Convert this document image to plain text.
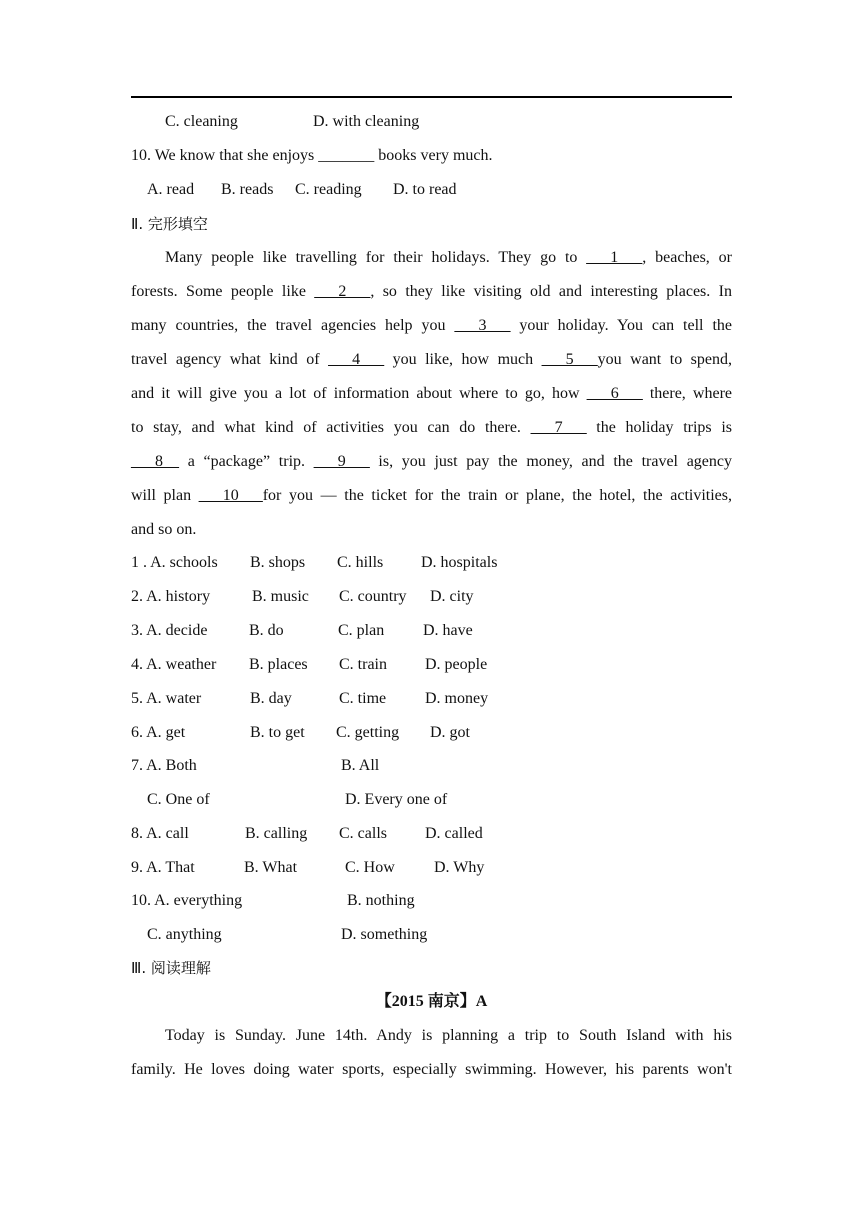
C. cleaning	D. with cleaning
10. We know that she enjoys _______ books very much.
A. read B. reads C. reading D. to read
Ⅱ. 完形填空
Many people like travelling for their holidays. They go to ___1___, beaches, or
forests. Some people like ___2___, so they like visiting old and interesting places. In
many countries, the travel agencies help you ___3___ your holiday. You can tell the
travel agency what kind of ___4___ you like, how much ___5___you want to spend,
and it will give you a lot of information about where to go, how ___6___ there, where
to stay, and what kind of activities you can do there. ___7___ the holiday trips is
___8__ a “package” trip. ___9___ is, you just pay the money, and the travel agency
will plan ___10___for you — the ticket for the train or plane, the hotel, the activities,
and so on.
1 . A. schools B. shops C. hills D. hospitals
2. A. history	B. music C. country D. city
3. A. decide	B. do	C. plan D. have
4. A. weather B. places C. train D. people
5. A. water	B. day	C. time D. money
6. A. get	B. to get C. getting D. got
7. A. Both	B. All
C. One of	D. Every one of
8. A. call	B. calling C. calls D. called
9. A. That	B. What	C. How D. Why
10. A. everything	B. nothing
C. anything	D. something
Ⅲ. 阅读理解
【2015 南京】A
Today is Sunday. June 14th. Andy is planning a trip to South Island with his
family. He loves doing water sports, especially swimming. However, his parents won't
